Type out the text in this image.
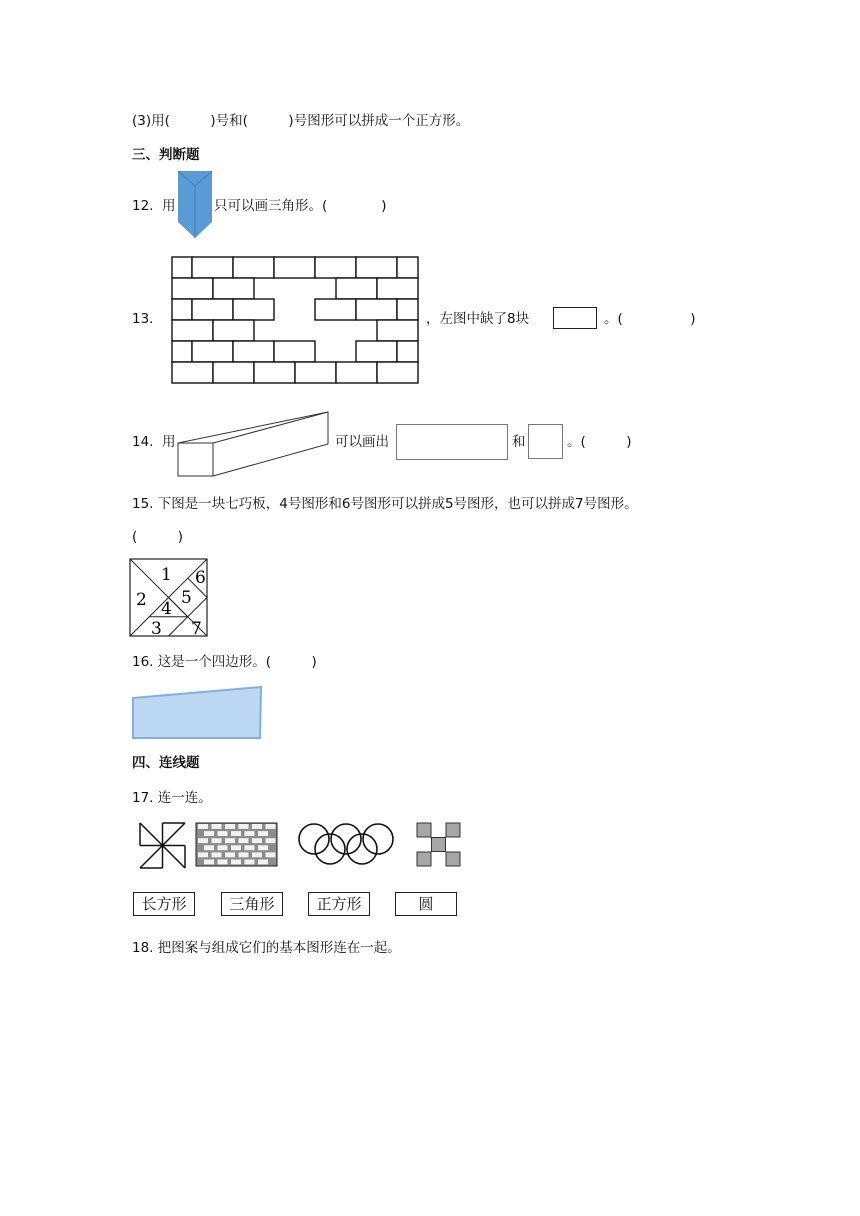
(3)用(　　　)号和(　　　)号图形可以拼成一个正方形。
三、判断题
12. 用	只可以画三角形。(　　　　)
13.	，左图中缺了8块	。(　　　　　)
14. 用	可以画出	和	。(　　　)
15. 下图是一块七巧板，4号图形和6号图形可以拼成5号图形，也可以拼成7号图形。
(　　　)
1
2
3
4
5
6
7
16. 这是一个四边形。(　　　)
四、连线题
17. 连一连。
长方形	三角形	正方形	圆
18. 把图案与组成它们的基本图形连在一起。
